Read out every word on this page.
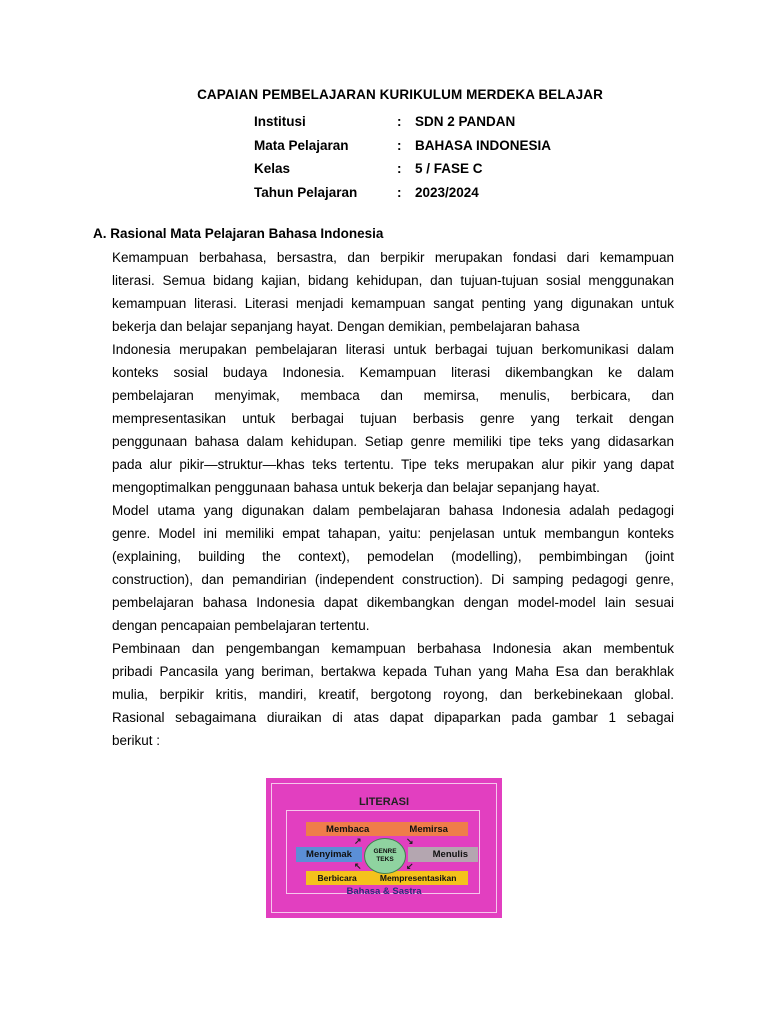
CAPAIAN PEMBELAJARAN KURIKULUM MERDEKA BELAJAR
Institusi	:	SDN 2 PANDAN
Mata Pelajaran	:	BAHASA INDONESIA
Kelas	:	5 / FASE C
Tahun Pelajaran	:	2023/2024
A. Rasional Mata Pelajaran Bahasa Indonesia
Kemampuan berbahasa, bersastra, dan berpikir merupakan fondasi dari kemampuan
literasi. Semua bidang kajian, bidang kehidupan, dan tujuan-tujuan sosial menggunakan
kemampuan literasi. Literasi menjadi kemampuan sangat penting yang digunakan untuk
bekerja dan belajar sepanjang hayat. Dengan demikian, pembelajaran bahasa
Indonesia merupakan pembelajaran literasi untuk berbagai tujuan berkomunikasi dalam
konteks sosial budaya Indonesia. Kemampuan literasi dikembangkan ke dalam
pembelajaran menyimak, membaca dan memirsa, menulis, berbicara, dan
mempresentasikan untuk berbagai tujuan berbasis genre yang terkait dengan
penggunaan bahasa dalam kehidupan. Setiap genre memiliki tipe teks yang didasarkan
pada alur pikir—struktur—khas teks tertentu. Tipe teks merupakan alur pikir yang dapat
mengoptimalkan penggunaan bahasa untuk bekerja dan belajar sepanjang hayat.
Model utama yang digunakan dalam pembelajaran bahasa Indonesia adalah pedagogi
genre. Model ini memiliki empat tahapan, yaitu: penjelasan untuk membangun konteks
(explaining, building the context), pemodelan (modelling), pembimbingan (joint
construction), dan pemandirian (independent construction). Di samping pedagogi genre,
pembelajaran bahasa Indonesia dapat dikembangkan dengan model-model lain sesuai
dengan pencapaian pembelajaran tertentu.
Pembinaan dan pengembangan kemampuan berbahasa Indonesia akan membentuk
pribadi Pancasila yang beriman, bertakwa kepada Tuhan yang Maha Esa dan berakhlak
mulia, berpikir kritis, mandiri, kreatif, bergotong royong, dan berkebinekaan global.
Rasional sebagaimana diuraikan di atas dapat dipaparkan pada gambar 1 sebagai
berikut :
LITERASI
Membaca	Memirsa
Menyimak	Menulis
Berbicara	Mempresentasikan
GENRE
TEKS
↗	↘
↖	↙
Bahasa & Sastra
